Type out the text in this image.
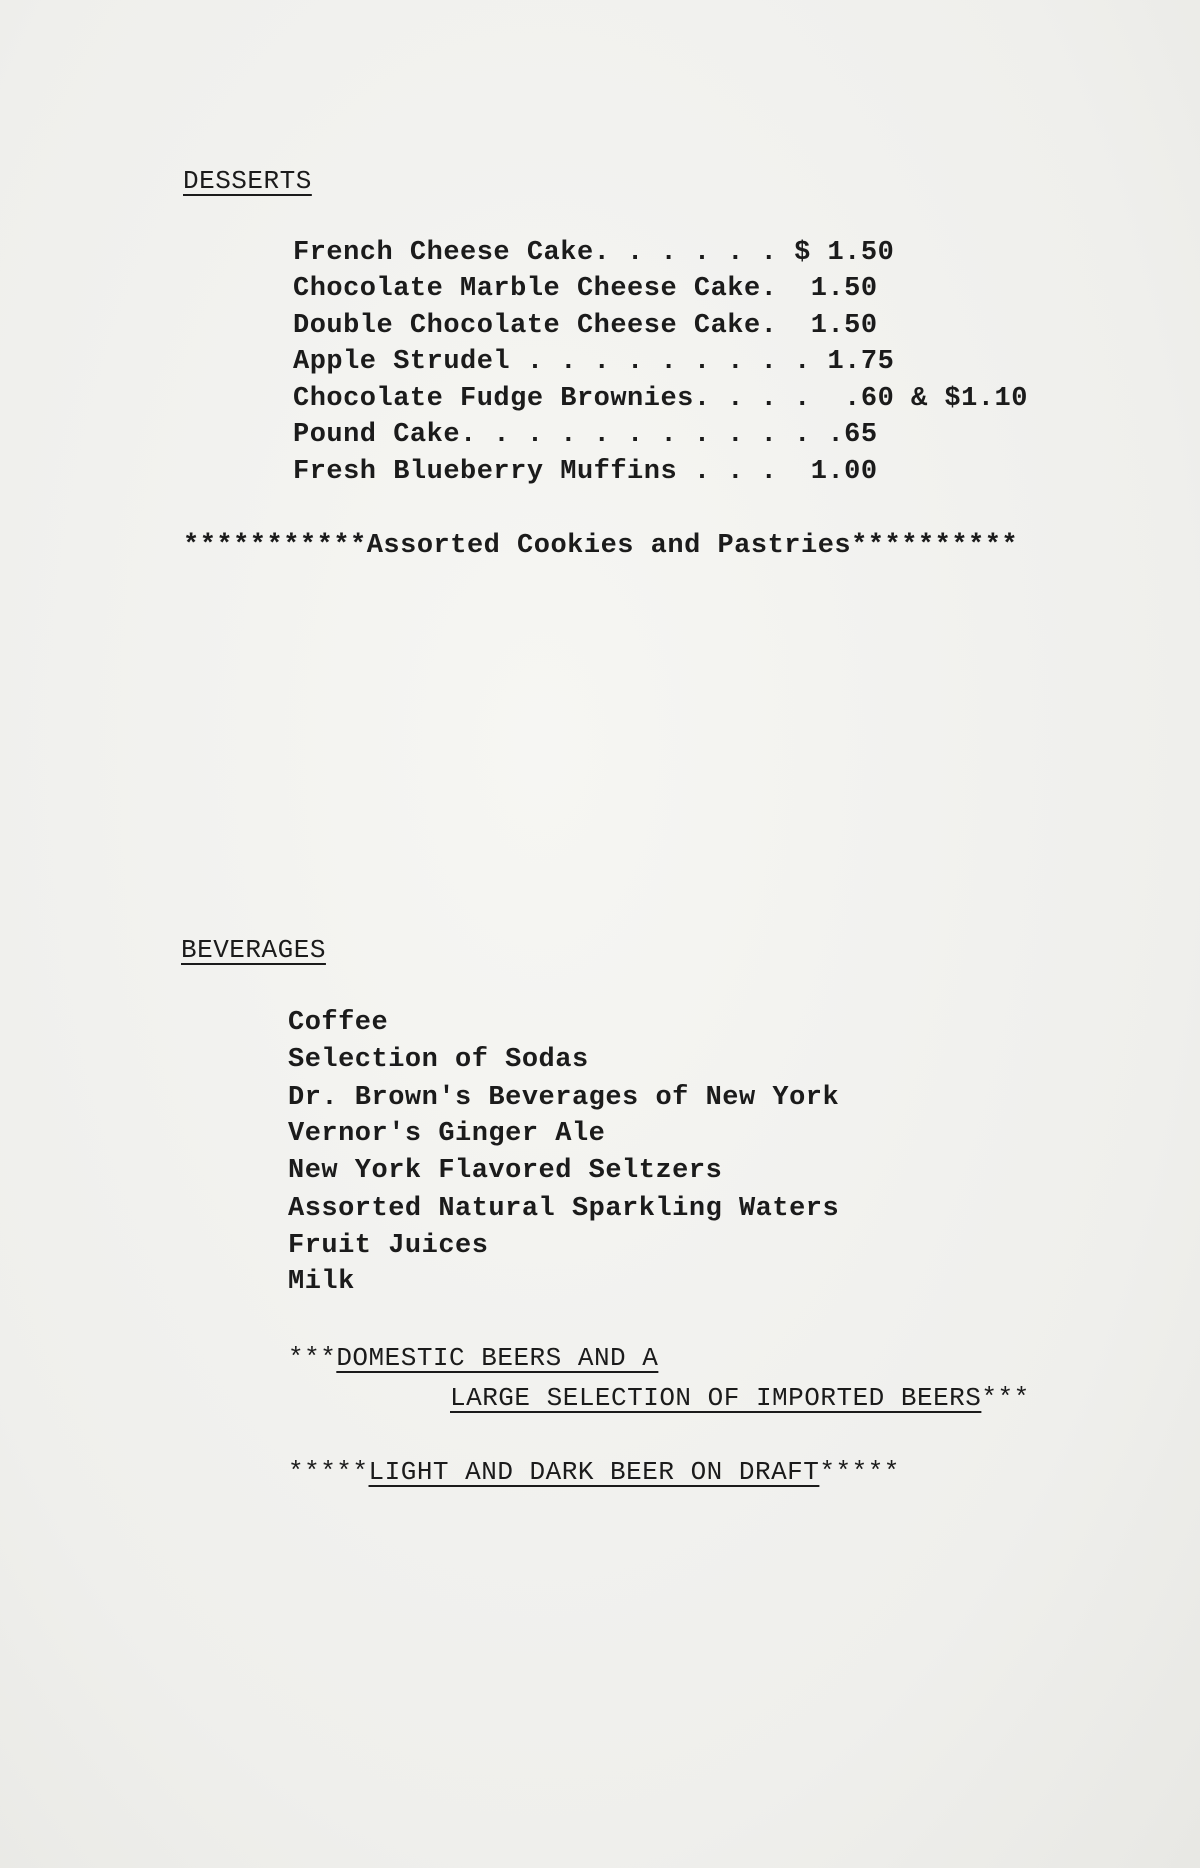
DESSERTS
French Cheese Cake. . . . . . $ 1.50
Chocolate Marble Cheese Cake.  1.50
Double Chocolate Cheese Cake.  1.50
Apple Strudel . . . . . . . . . 1.75
Chocolate Fudge Brownies. . . .  .60 & $1.10
Pound Cake. . . . . . . . . . . .65
Fresh Blueberry Muffins . . .  1.00
***********Assorted Cookies and Pastries**********
BEVERAGES
Coffee
Selection of Sodas
Dr. Brown's Beverages of New York
Vernor's Ginger Ale
New York Flavored Seltzers
Assorted Natural Sparkling Waters
Fruit Juices
Milk
***DOMESTIC BEERS AND A
LARGE SELECTION OF IMPORTED BEERS***
*****LIGHT AND DARK BEER ON DRAFT*****
